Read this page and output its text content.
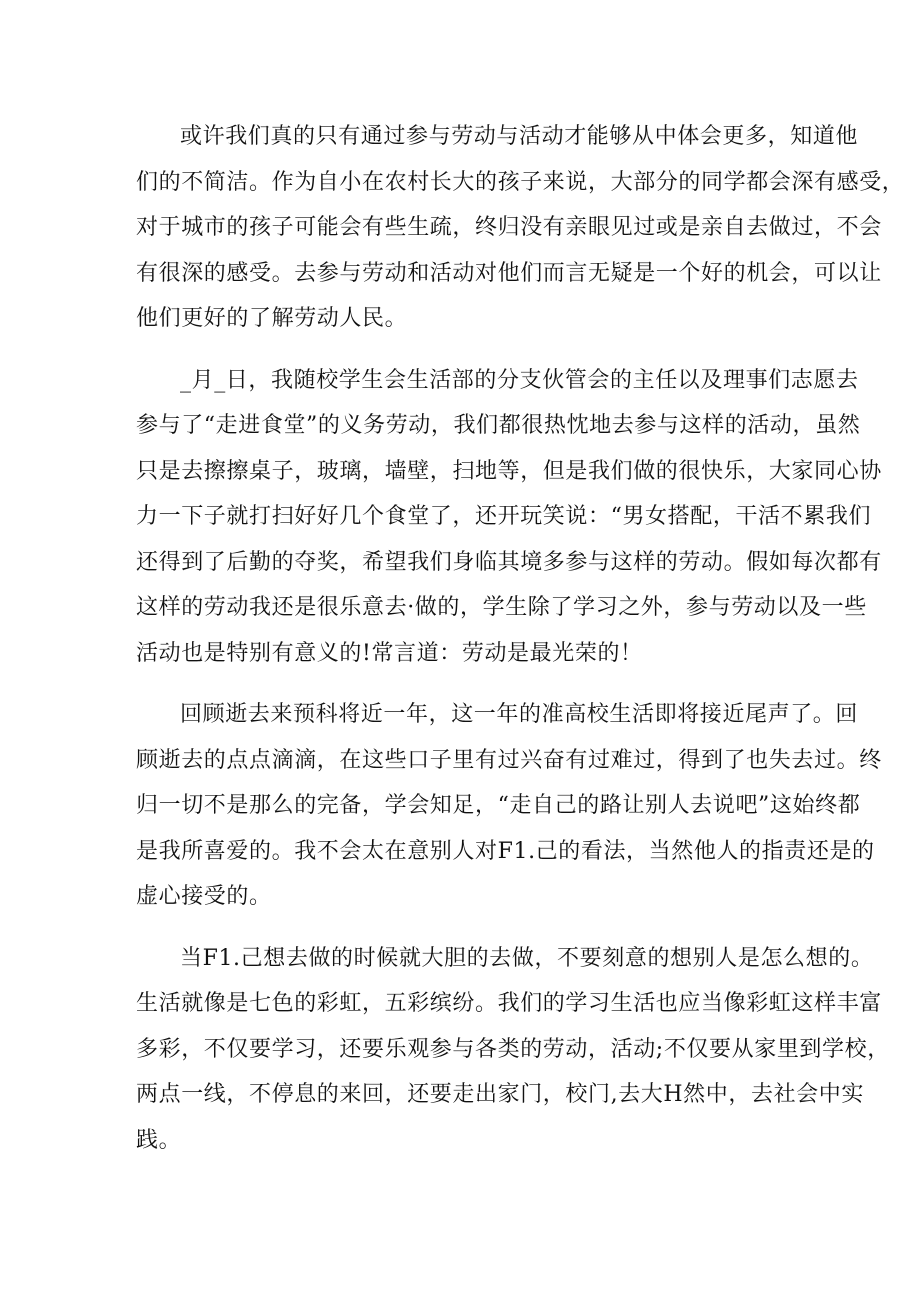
或许我们真的只有通过参与劳动与活动才能够从中体会更多，知道他
们的不简洁。作为自小在农村长大的孩子来说，大部分的同学都会深有感受，
对于城市的孩子可能会有些生疏，终归没有亲眼见过或是亲自去做过，不会
有很深的感受。去参与劳动和活动对他们而言无疑是一个好的机会，可以让
他们更好的了解劳动人民。

_月_日，我随校学生会生活部的分支伙管会的主任以及理事们志愿去
参与了“走进食堂”的义务劳动，我们都很热忱地去参与这样的活动，虽然
只是去擦擦桌子，玻璃，墙壁，扫地等，但是我们做的很快乐，大家同心协
力一下子就打扫好好几个食堂了，还开玩笑说：“男女搭配，干活不累我们
还得到了后勤的夺奖，希望我们身临其境多参与这样的劳动。假如每次都有
这样的劳动我还是很乐意去·做的，学生除了学习之外，参与劳动以及一些
活动也是特别有意义的!常言道：劳动是最光荣的！

回顾逝去来预科将近一年，这一年的准高校生活即将接近尾声了。回
顾逝去的点点滴滴，在这些口子里有过兴奋有过难过，得到了也失去过。终
归一切不是那么的完备，学会知足，“走自己的路让别人去说吧”这始终都
是我所喜爱的。我不会太在意别人对F1.己的看法，当然他人的指责还是的
虚心接受的。

当F1.己想去做的时候就大胆的去做，不要刻意的想别人是怎么想的。
生活就像是七色的彩虹，五彩缤纷。我们的学习生活也应当像彩虹这样丰富
多彩，不仅要学习，还要乐观参与各类的劳动，活动;不仅要从家里到学校，
两点一线，不停息的来回，还要走出家门，校门,去大H然中，去社会中实
践。
